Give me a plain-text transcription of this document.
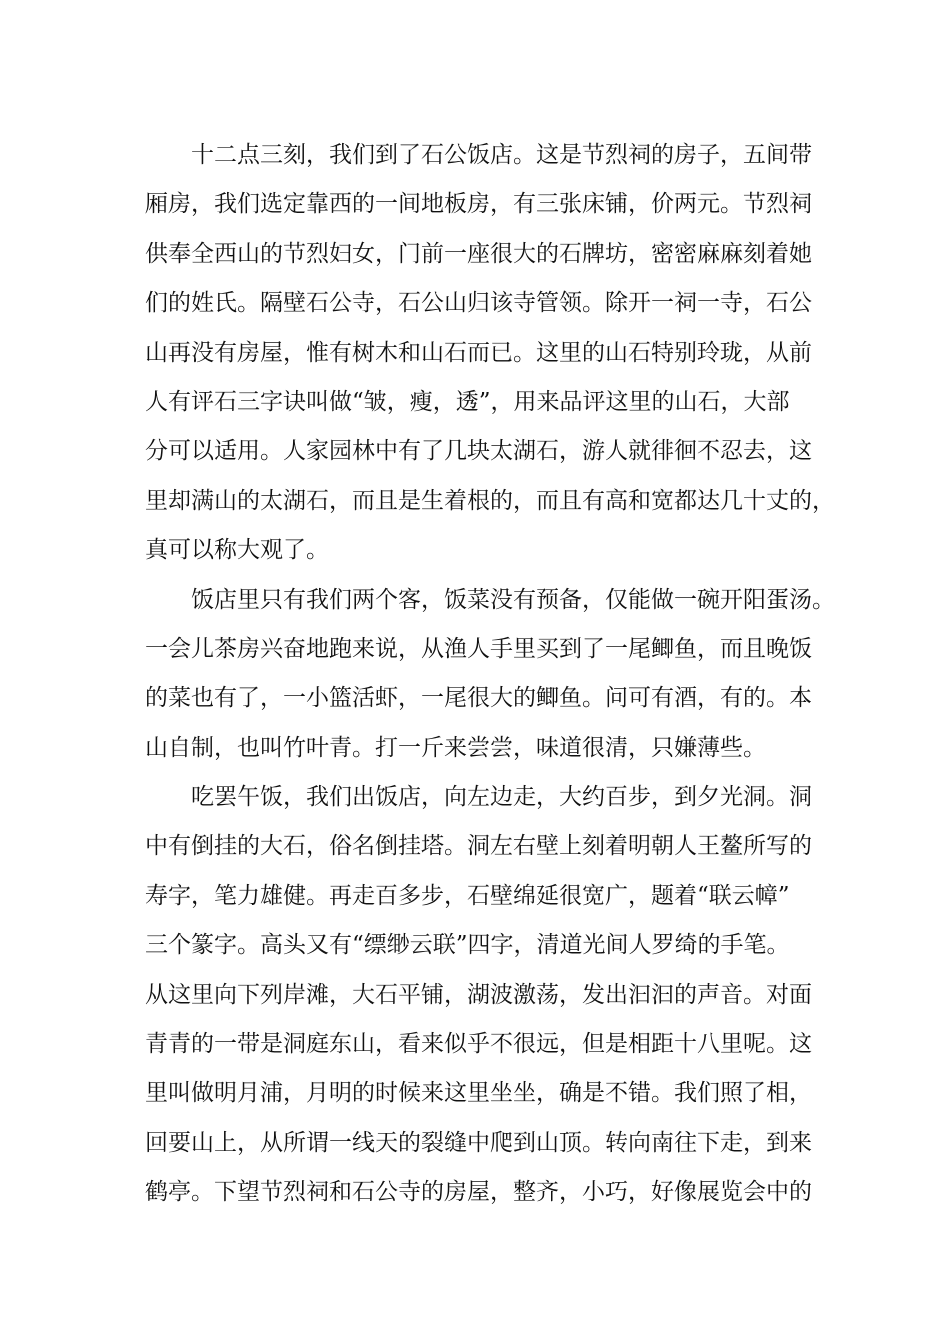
十二点三刻，我们到了石公饭店。这是节烈祠的房子，五间带
厢房，我们选定靠西的一间地板房，有三张床铺，价两元。节烈祠
供奉全西山的节烈妇女，门前一座很大的石牌坊，密密麻麻刻着她
们的姓氏。隔壁石公寺，石公山归该寺管领。除开一祠一寺，石公
山再没有房屋，惟有树木和山石而已。这里的山石特别玲珑，从前
人有评石三字诀叫做“皱，瘦，透”，用来品评这里的山石，大部
分可以适用。人家园林中有了几块太湖石，游人就徘徊不忍去，这
里却满山的太湖石，而且是生着根的，而且有高和宽都达几十丈的，
真可以称大观了。
饭店里只有我们两个客，饭菜没有预备，仅能做一碗开阳蛋汤。
一会儿茶房兴奋地跑来说，从渔人手里买到了一尾鲫鱼，而且晚饭
的菜也有了，一小篮活虾，一尾很大的鲫鱼。问可有酒，有的。本
山自制，也叫竹叶青。打一斤来尝尝，味道很清，只嫌薄些。
吃罢午饭，我们出饭店，向左边走，大约百步，到夕光洞。洞
中有倒挂的大石，俗名倒挂塔。洞左右壁上刻着明朝人王鳌所写的
寿字，笔力雄健。再走百多步，石壁绵延很宽广，题着“联云幛”
三个篆字。高头又有“缥缈云联”四字，清道光间人罗绮的手笔。
从这里向下列岸滩，大石平铺，湖波激荡，发出汩汩的声音。对面
青青的一带是洞庭东山，看来似乎不很远，但是相距十八里呢。这
里叫做明月浦，月明的时候来这里坐坐，确是不错。我们照了相，
回要山上，从所谓一线天的裂缝中爬到山顶。转向南往下走，到来
鹤亭。下望节烈祠和石公寺的房屋，整齐，小巧，好像展览会中的
